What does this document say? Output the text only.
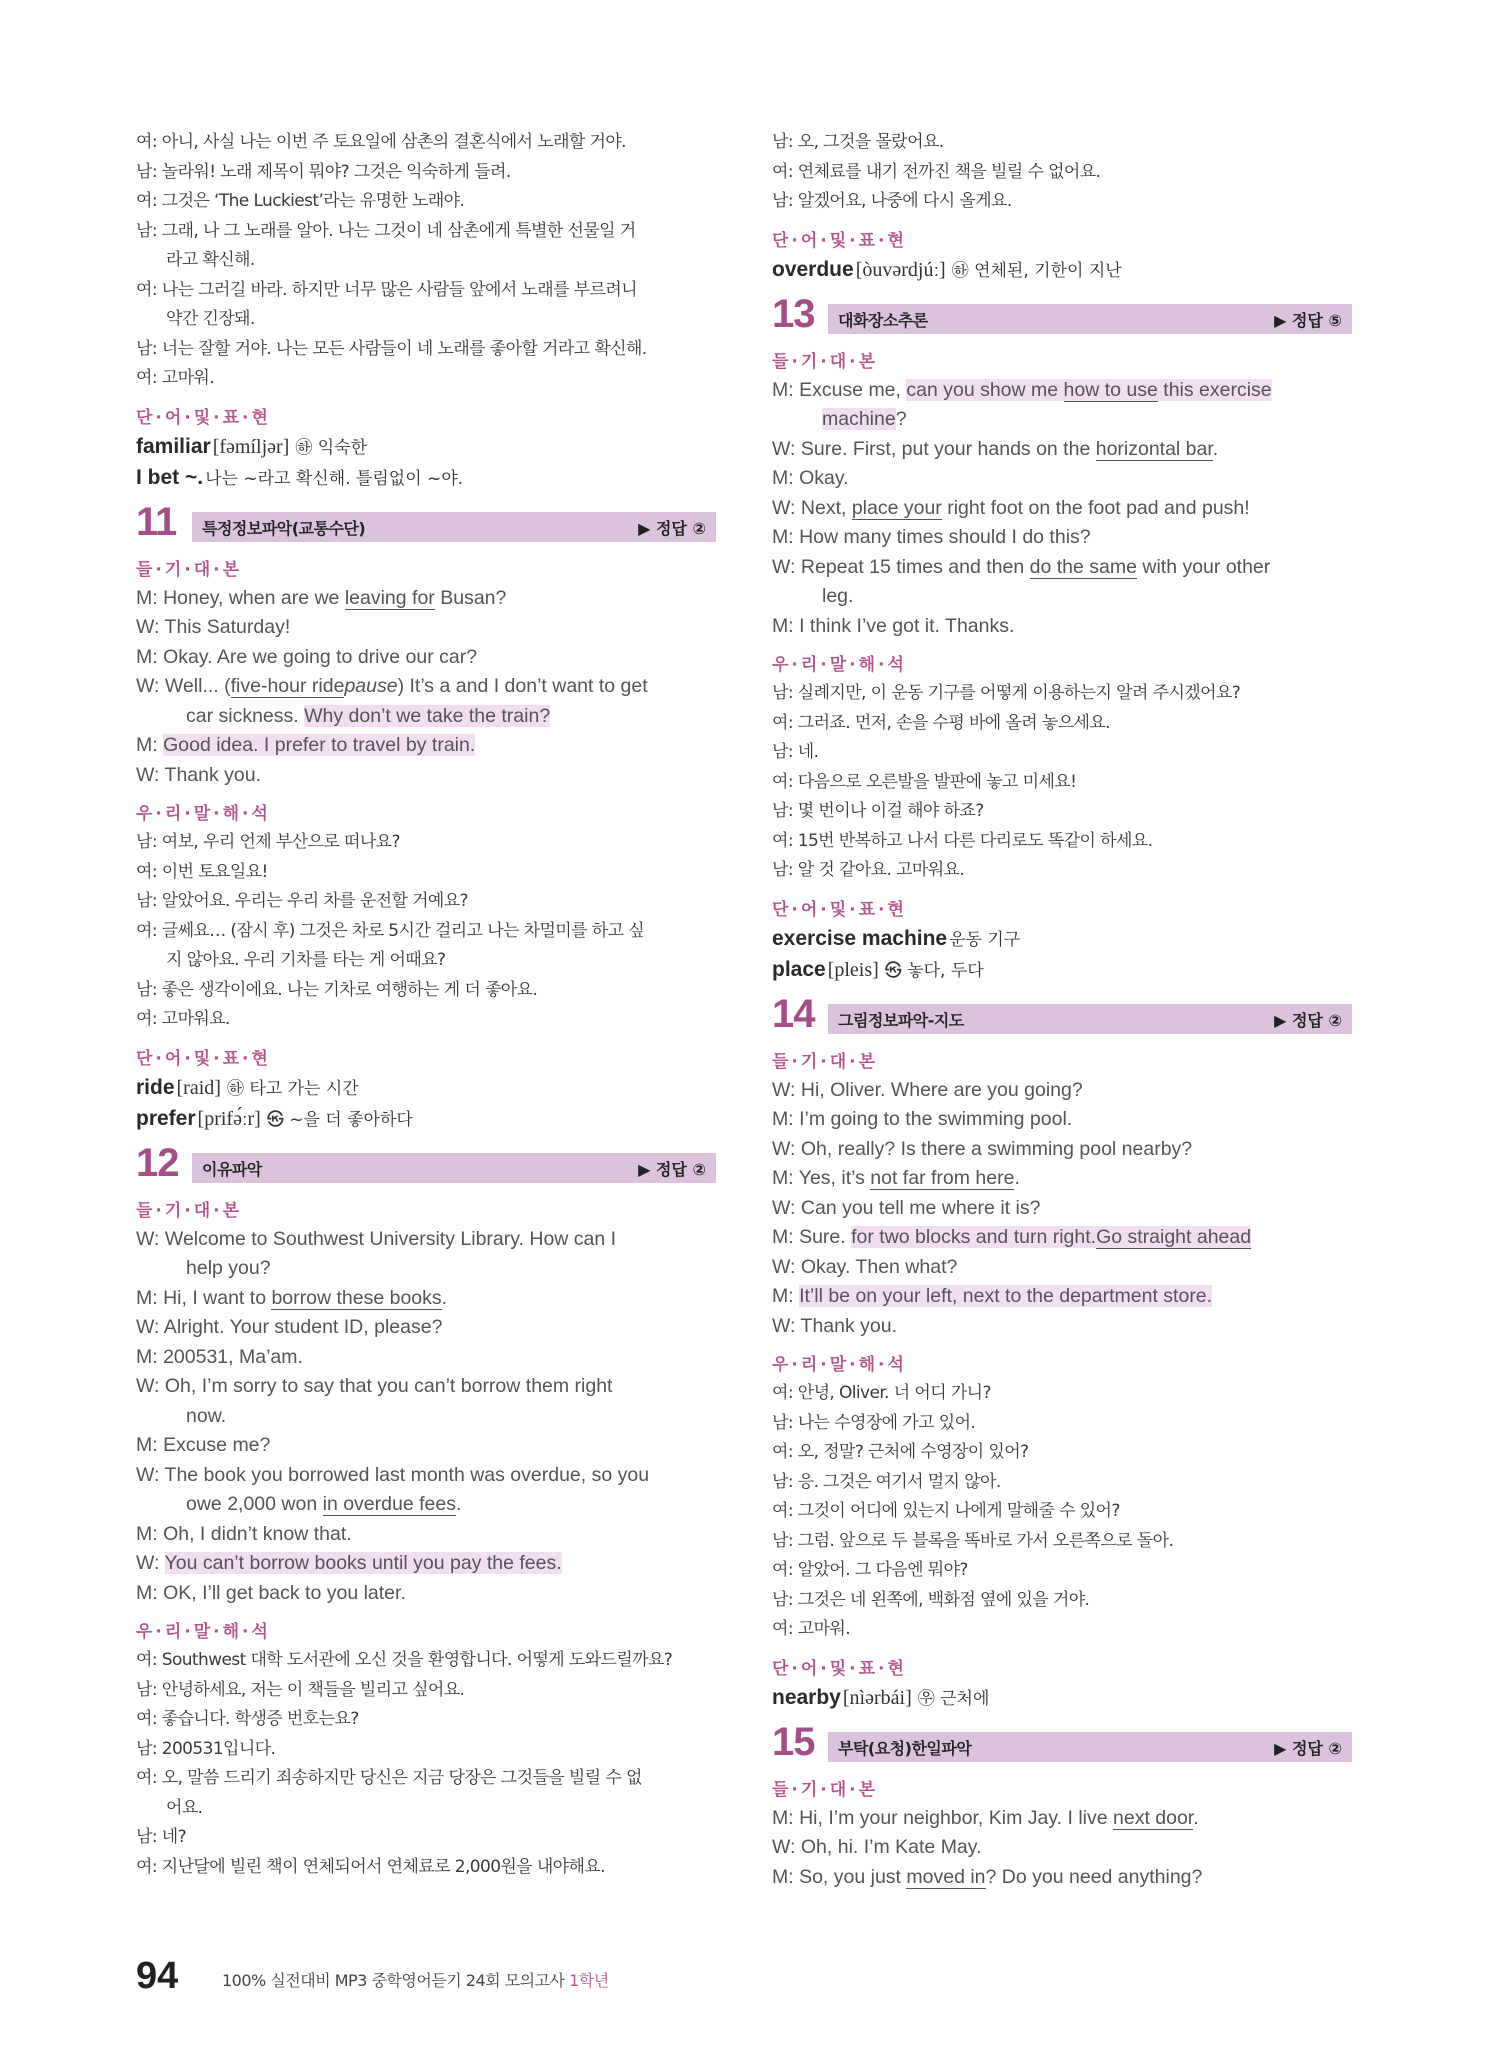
여: 아니, 사실 나는 이번 주 토요일에 삼촌의 결혼식에서 노래할 거야.
남: 놀라워! 노래 제목이 뭐야? 그것은 익숙하게 들려.
여: 그것은 ‘The Luckiest’라는 유명한 노래야.
남: 그래, 나 그 노래를 알아. 나는 그것이 네 삼촌에게 특별한 선물일 거
라고 확신해.
여: 나는 그러길 바라. 하지만 너무 많은 사람들 앞에서 노래를 부르려니
약간 긴장돼.
남: 너는 잘할 거야. 나는 모든 사람들이 네 노래를 좋아할 거라고 확신해.
여: 고마워.
단·어·및·표·현
familiar [fəmíljər] ㉻ 익숙한
I bet ~. 나는 ~라고 확신해. 틀림없이 ~야.
11 특정정보파악(교통수단)	▶ 정답 ②
들·기·대·본
M: Honey, when are we leaving for Busan?
W: This Saturday!
M: Okay. Are we going to drive our car?
W: Well... (five-hour ridepause) It’s a and I don’t want to get
car sickness. Why don’t we take the train?
M: Good idea. I prefer to travel by train.
W: Thank you.
우·리·말·해·석
남: 여보, 우리 언제 부산으로 떠나요?
여: 이번 토요일요!
남: 알았어요. 우리는 우리 차를 운전할 거예요?
여: 글쎄요… (잠시 후) 그것은 차로 5시간 걸리고 나는 차멀미를 하고 싶
지 않아요. 우리 기차를 타는 게 어때요?
남: 좋은 생각이에요. 나는 기차로 여행하는 게 더 좋아요.
여: 고마워요.
단·어·및·표·현
ride [raid] ㉻ 타고 가는 시간
prefer [prifə́ːr] ㉿ ~을 더 좋아하다
12 이유파악	▶ 정답 ②
들·기·대·본
W: Welcome to Southwest University Library. How can I
help you?
M: Hi, I want to borrow these books.
W: Alright. Your student ID, please?
M: 200531, Ma’am.
W: Oh, I’m sorry to say that you can’t borrow them right
now.
M: Excuse me?
W: The book you borrowed last month was overdue, so you
owe 2,000 won in overdue fees.
M: Oh, I didn’t know that.
W: You can’t borrow books until you pay the fees.
M: OK, I’ll get back to you later.
우·리·말·해·석
여: Southwest 대학 도서관에 오신 것을 환영합니다. 어떻게 도와드릴까요?
남: 안녕하세요, 저는 이 책들을 빌리고 싶어요.
여: 좋습니다. 학생증 번호는요?
남: 200531입니다.
여: 오, 말씀 드리기 죄송하지만 당신은 지금 당장은 그것들을 빌릴 수 없
어요.
남: 네?
여: 지난달에 빌린 책이 연체되어서 연체료로 2,000원을 내야해요.
남: 오, 그것을 몰랐어요.
여: 연체료를 내기 전까진 책을 빌릴 수 없어요.
남: 알겠어요, 나중에 다시 올게요.
단·어·및·표·현
overdue [òuvərdjúː] ㉻ 연체된, 기한이 지난
13 대화장소추론	▶ 정답 ⑤
들·기·대·본
M: Excuse me, can you show me how to use this exercise
machine?
W: Sure. First, put your hands on the horizontal bar.
M: Okay.
W: Next, place your right foot on the foot pad and push!
M: How many times should I do this?
W: Repeat 15 times and then do the same with your other
leg.
M: I think I’ve got it. Thanks.
우·리·말·해·석
남: 실례지만, 이 운동 기구를 어떻게 이용하는지 알려 주시겠어요?
여: 그러죠. 먼저, 손을 수평 바에 올려 놓으세요.
남: 네.
여: 다음으로 오른발을 발판에 놓고 미세요!
남: 몇 번이나 이걸 해야 하죠?
여: 15번 반복하고 나서 다른 다리로도 똑같이 하세요.
남: 알 것 같아요. 고마워요.
단·어·및·표·현
exercise machine 운동 기구
place [pleis] ㉿ 놓다, 두다
14 그림정보파악-지도	▶ 정답 ②
들·기·대·본
W: Hi, Oliver. Where are you going?
M: I’m going to the swimming pool.
W: Oh, really? Is there a swimming pool nearby?
M: Yes, it’s not far from here.
W: Can you tell me where it is?
M: Sure. for two blocks and turn right.Go straight ahead
W: Okay. Then what?
M: It’ll be on your left, next to the department store.
W: Thank you.
우·리·말·해·석
여: 안녕, Oliver. 너 어디 가니?
남: 나는 수영장에 가고 있어.
여: 오, 정말? 근처에 수영장이 있어?
남: 응. 그것은 여기서 멀지 않아.
여: 그것이 어디에 있는지 나에게 말해줄 수 있어?
남: 그럼. 앞으로 두 블록을 똑바로 가서 오른쪽으로 돌아.
여: 알았어. 그 다음엔 뭐야?
남: 그것은 네 왼쪽에, 백화점 옆에 있을 거야.
여: 고마워.
단·어·및·표·현
nearby [nìərbái] ㉾ 근처에
15 부탁(요청)한일파악	▶ 정답 ②
들·기·대·본
M: Hi, I’m your neighbor, Kim Jay. I live next door.
W: Oh, hi. I’m Kate May.
M: So, you just moved in? Do you need anything?
94	100% 실전대비 MP3 중학영어듣기 24회 모의고사 1학년
